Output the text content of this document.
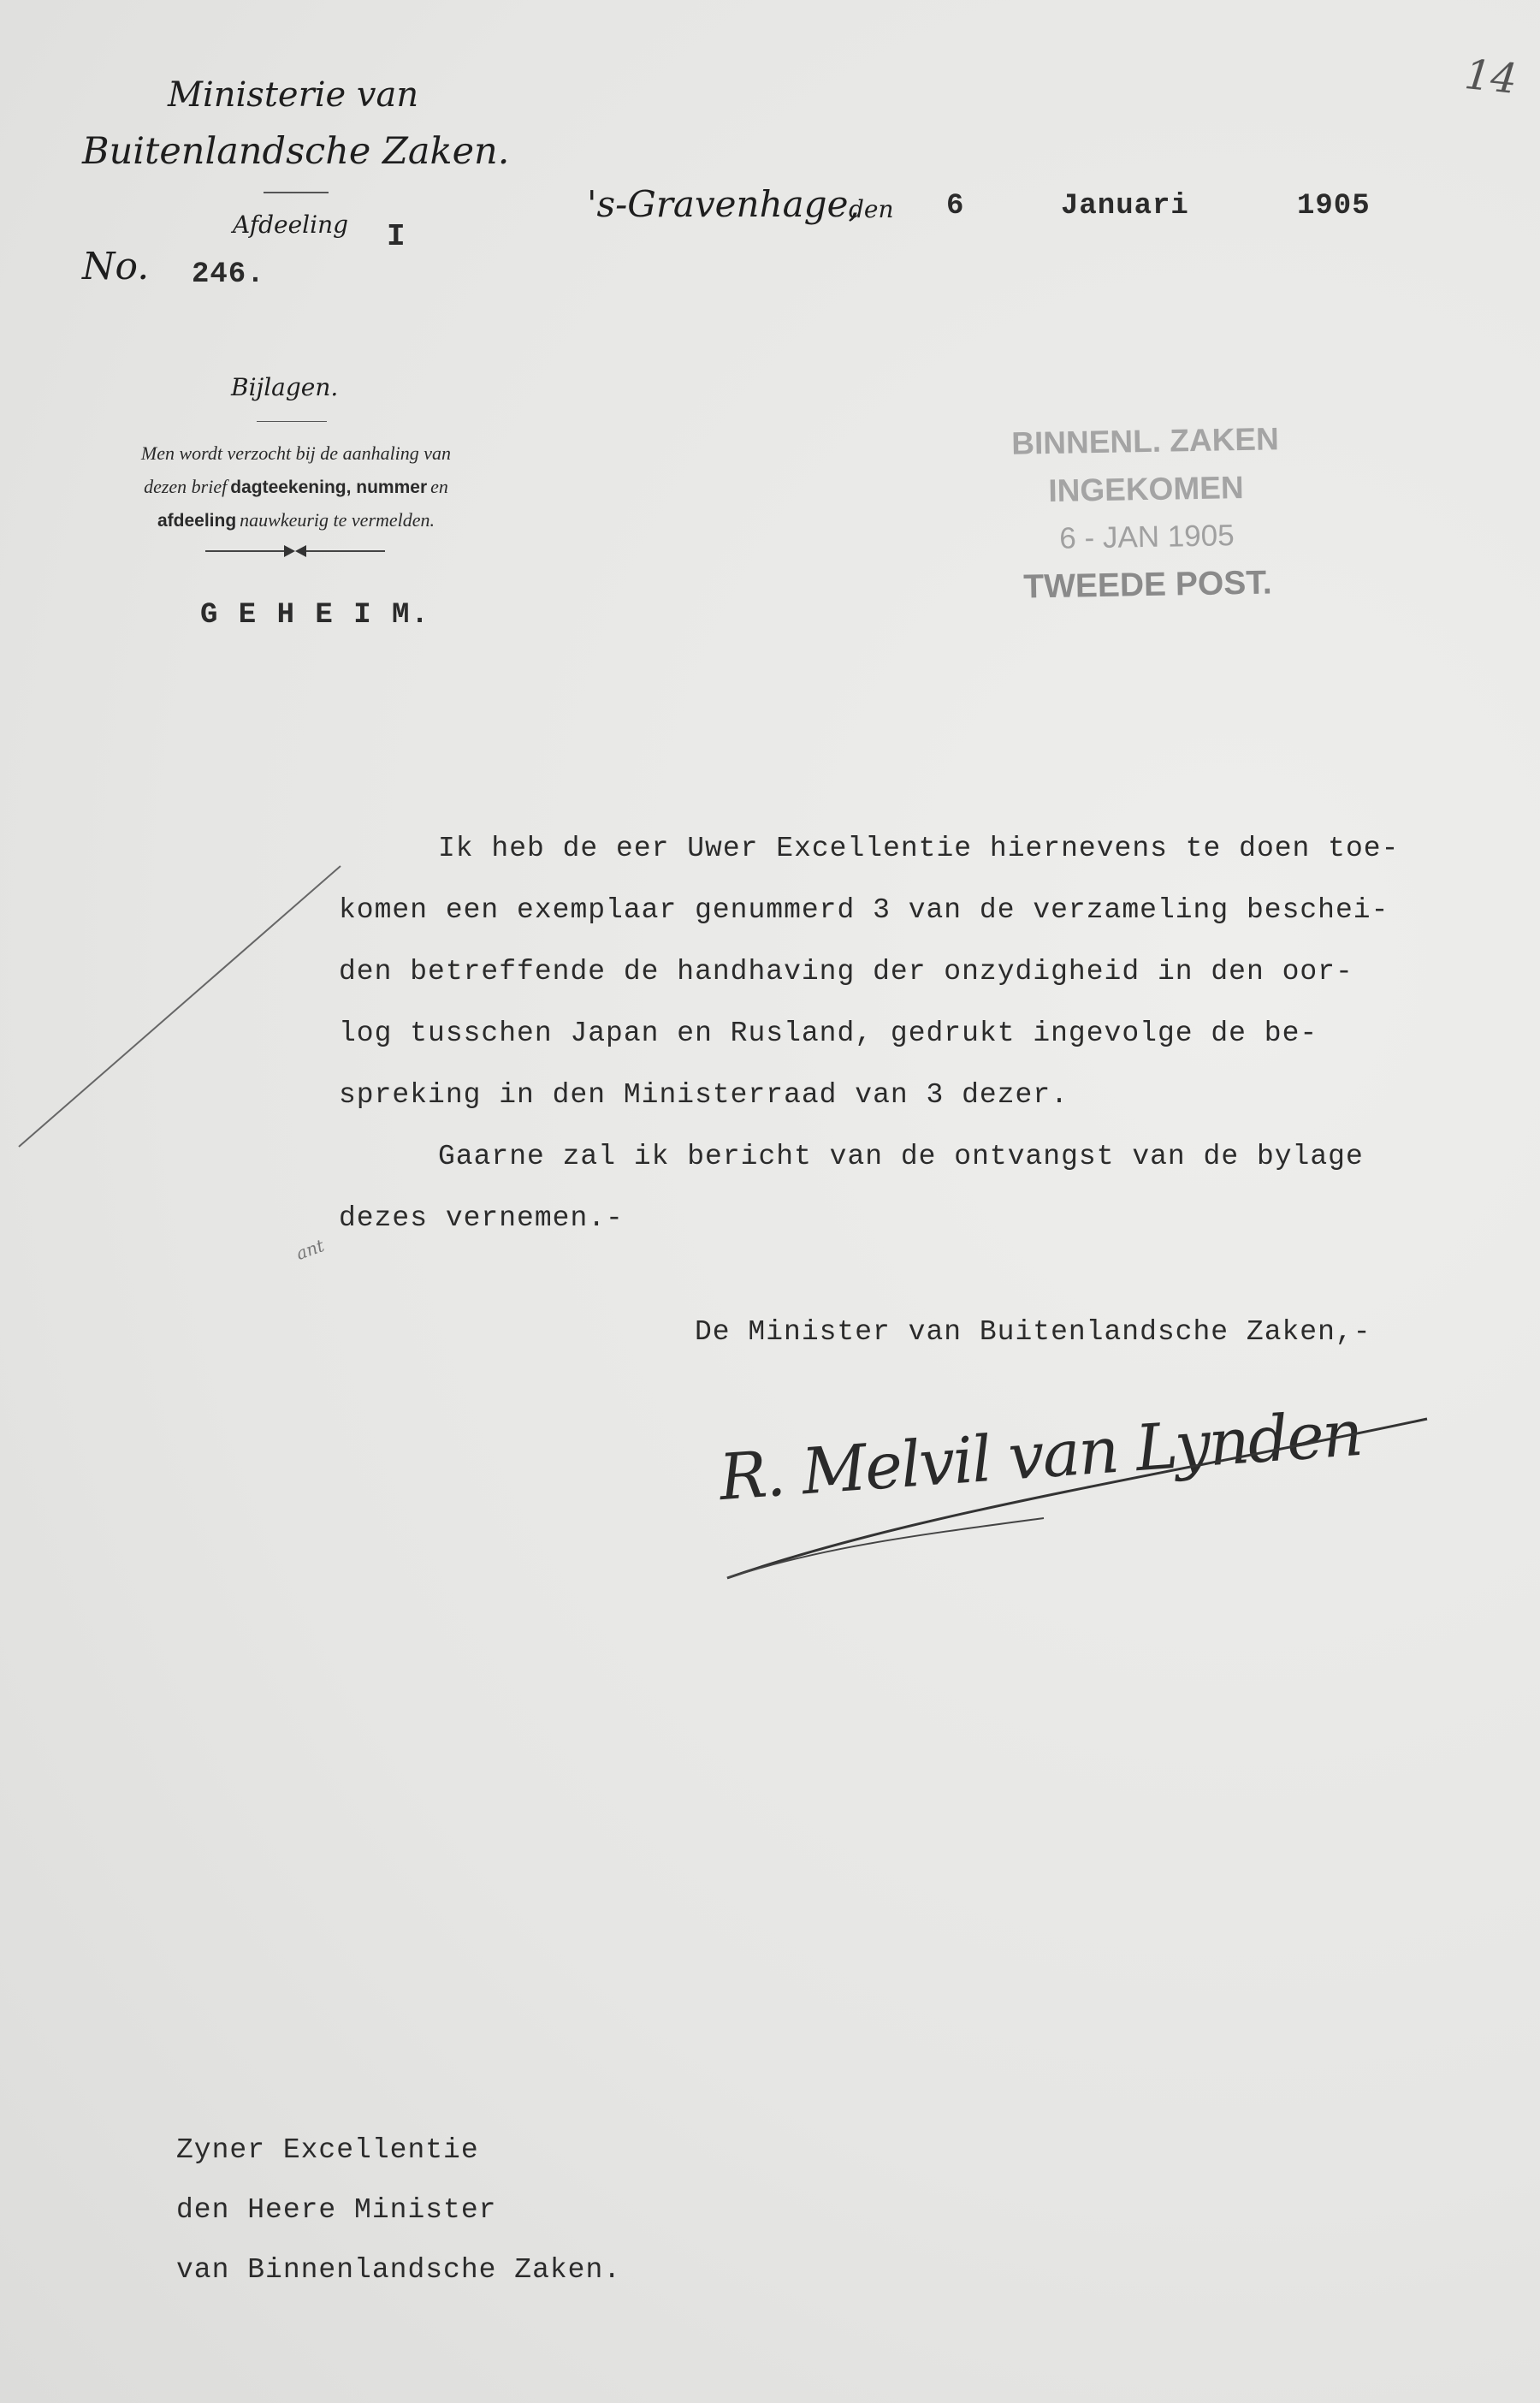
14
Ministerie van
Buitenlandsche Zaken.
Afdeeling I
No. 246.
Bijlagen.
Men wordt verzocht bij de aanhaling van
dezen brief dagteekening, nummer en
afdeeling nauwkeurig te vermelden.
G E H E I M.
's-Gravenhage,
den 6	Januari	1905
BINNENL. ZAKEN
INGEKOMEN
6 - JAN 1905
TWEEDE POST.
Ik heb de eer Uwer Excellentie hiernevens te doen toe-
komen een exemplaar genummerd 3 van de verzameling beschei-
den betreffende de handhaving der onzydigheid in den oor-
log tusschen Japan en Rusland, gedrukt ingevolge de be-
spreking in den Ministerraad van 3 dezer.
Gaarne zal ik bericht van de ontvangst van de bylage
dezes vernemen.-
ant
De Minister van Buitenlandsche Zaken,-
R. Melvil van Lynden
Zyner Excellentie
den Heere Minister
van Binnenlandsche Zaken.
